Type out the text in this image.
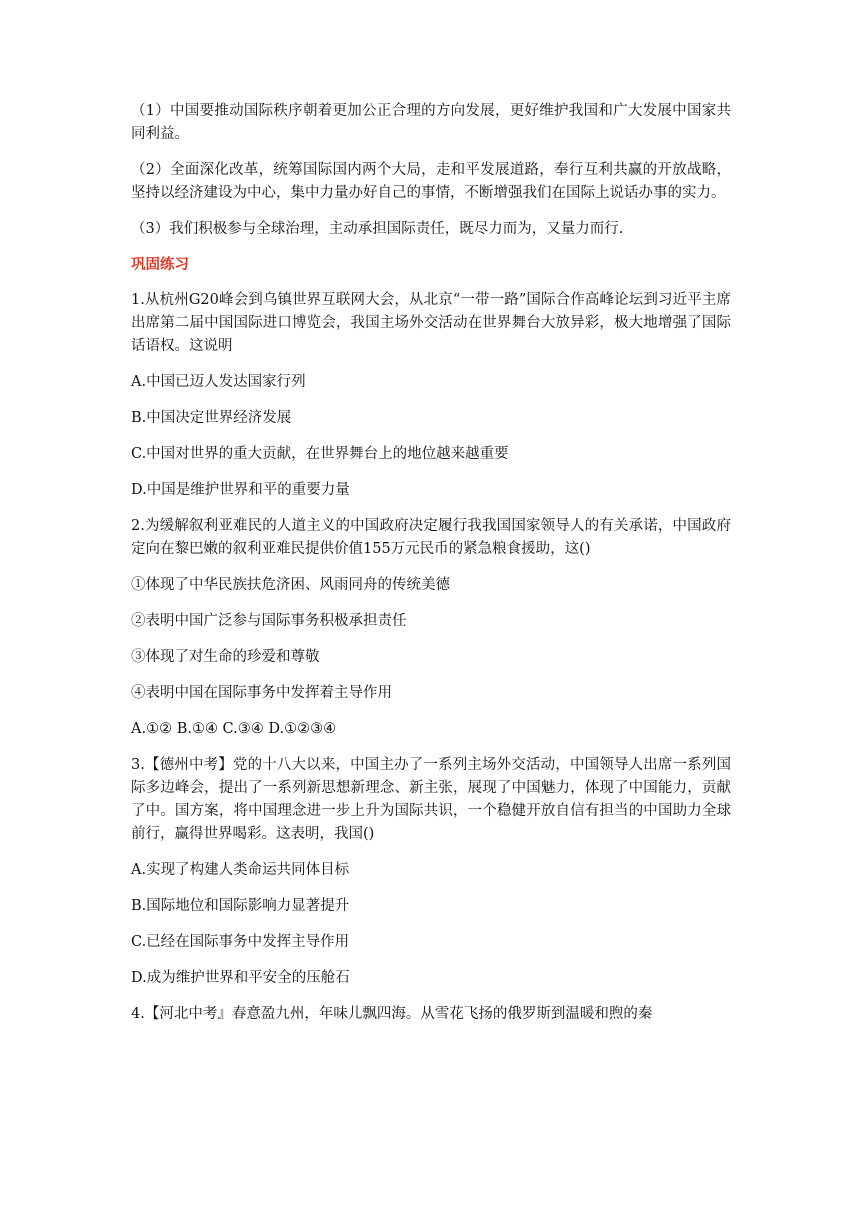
（1）中国要推动国际秩序朝着更加公正合理的方向发展，更好维护我国和广大发展中国家共同利益。

（2）全面深化改革，统筹国际国内两个大局，走和平发展道路，奉行互利共赢的开放战略，坚持以经济建设为中心，集中力量办好自己的事情，不断增强我们在国际上说话办事的实力。

（3）我们积极参与全球治理，主动承担国际责任，既尽力而为，又量力而行.

巩固练习

1.从杭州G20峰会到乌镇世界互联网大会，从北京“一带一路”国际合作高峰论坛到习近平主席出席第二届中国国际进口博览会，我国主场外交活动在世界舞台大放异彩，极大地增强了国际话语权。这说明

A.中国已迈人发达国家行列

B.中国决定世界经济发展

C.中国对世界的重大贡献，在世界舞台上的地位越来越重要

D.中国是维护世界和平的重要力量

2.为缓解叙利亚难民的人道主义的中国政府决定履行我我国国家领导人的有关承诺，中国政府定向在黎巴嫩的叙利亚难民提供价值155万元民币的紧急粮食援助，这()

①体现了中华民族扶危济困、风雨同舟的传统美德

②表明中国广泛参与国际事务积极承担责任

③体现了对生命的珍爱和尊敬

④表明中国在国际事务中发挥着主导作用

A.①② B.①④ C.③④ D.①②③④

3.【德州中考】党的十八大以来，中国主办了一系列主场外交活动，中国领导人出席一系列国际多边峰会，提出了一系列新思想新理念、新主张，展现了中国魅力，体现了中国能力，贡献了中。国方案，将中国理念进一步上升为国际共识，一个稳健开放自信有担当的中国助力全球前行，赢得世界喝彩。这表明，我国()

A.实现了构建人类命运共同体目标

B.国际地位和国际影响力显著提升

C.已经在国际事务中发挥主导作用

D.成为维护世界和平安全的压舱石

4.【河北中考』春意盈九州，年味儿飘四海。从雪花飞扬的俄罗斯到温暖和煦的秦
